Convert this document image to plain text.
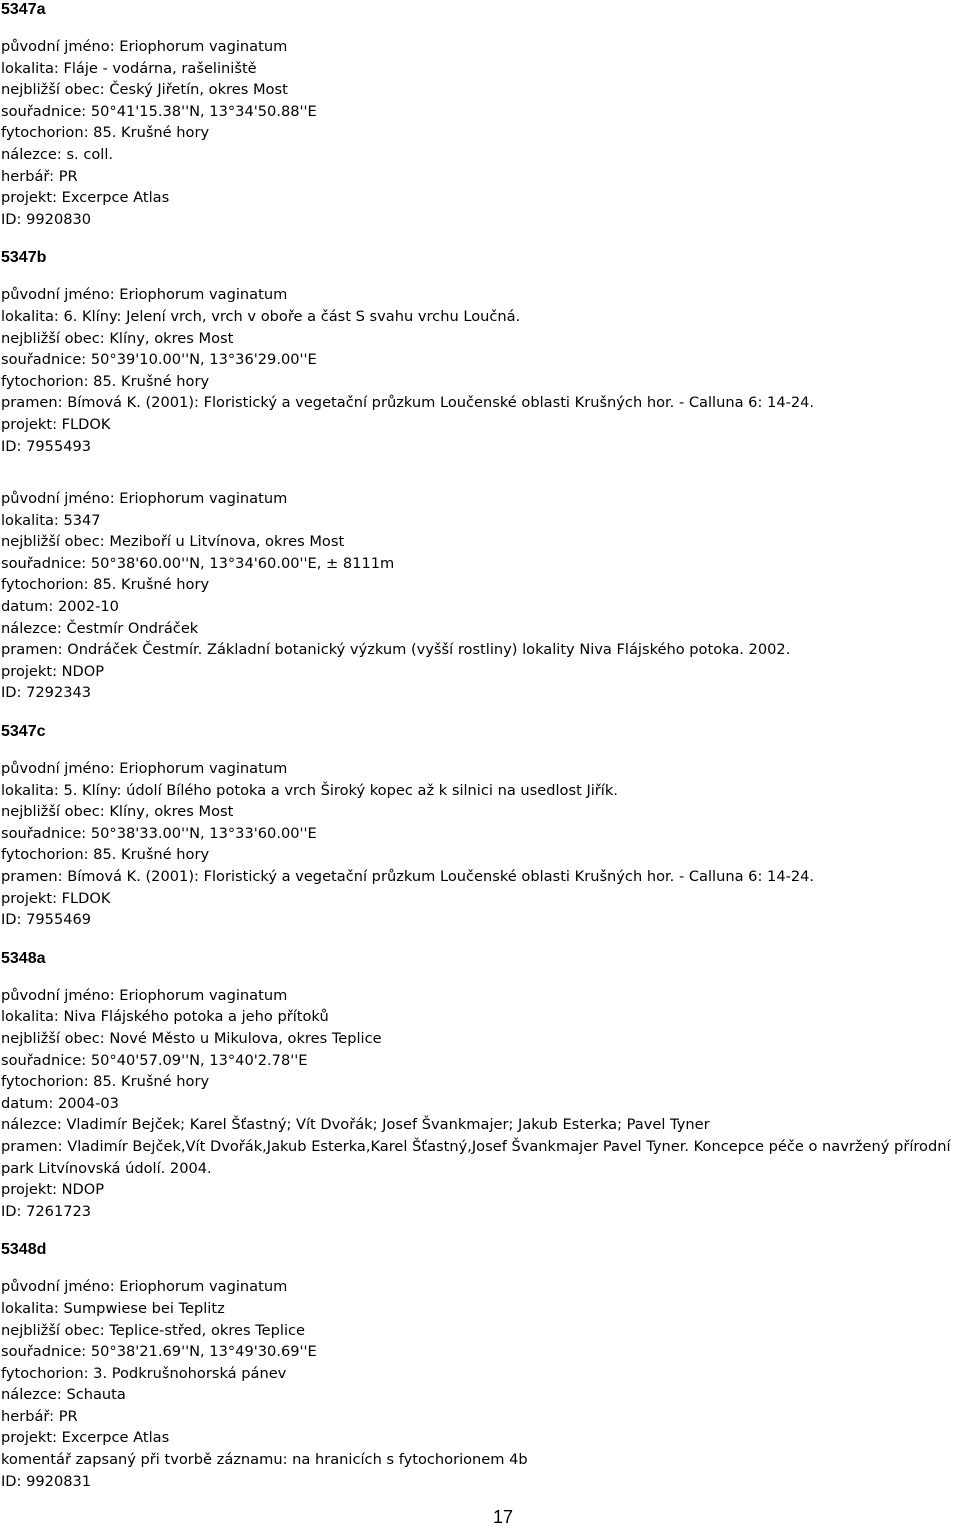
5347a
původní jméno: Eriophorum vaginatum
lokalita: Fláje - vodárna, rašeliniště
nejbližší obec: Český Jiřetín, okres Most
souřadnice: 50°41'15.38''N, 13°34'50.88''E
fytochorion: 85. Krušné hory
nálezce: s. coll.
herbář: PR
projekt: Excerpce Atlas
ID: 9920830
5347b
původní jméno: Eriophorum vaginatum
lokalita: 6. Klíny: Jelení vrch, vrch v oboře a část S svahu vrchu Loučná.
nejbližší obec: Klíny, okres Most
souřadnice: 50°39'10.00''N, 13°36'29.00''E
fytochorion: 85. Krušné hory
pramen: Bímová K. (2001): Floristický a vegetační průzkum Loučenské oblasti Krušných hor. - Calluna 6: 14-24.
projekt: FLDOK
ID: 7955493
původní jméno: Eriophorum vaginatum
lokalita: 5347
nejbližší obec: Meziboří u Litvínova, okres Most
souřadnice: 50°38'60.00''N, 13°34'60.00''E, ± 8111m
fytochorion: 85. Krušné hory
datum: 2002-10
nálezce: Čestmír Ondráček
pramen: Ondráček Čestmír. Základní botanický výzkum (vyšší rostliny) lokality Niva Flájského potoka. 2002.
projekt: NDOP
ID: 7292343
5347c
původní jméno: Eriophorum vaginatum
lokalita: 5. Klíny: údolí Bílého potoka a vrch Široký kopec až k silnici na usedlost Jiřík.
nejbližší obec: Klíny, okres Most
souřadnice: 50°38'33.00''N, 13°33'60.00''E
fytochorion: 85. Krušné hory
pramen: Bímová K. (2001): Floristický a vegetační průzkum Loučenské oblasti Krušných hor. - Calluna 6: 14-24.
projekt: FLDOK
ID: 7955469
5348a
původní jméno: Eriophorum vaginatum
lokalita: Niva Flájského potoka a jeho přítoků
nejbližší obec: Nové Město u Mikulova, okres Teplice
souřadnice: 50°40'57.09''N, 13°40'2.78''E
fytochorion: 85. Krušné hory
datum: 2004-03
nálezce: Vladimír Bejček; Karel Šťastný; Vít Dvořák; Josef Švankmajer; Jakub Esterka; Pavel Tyner
pramen: Vladimír Bejček,Vít Dvořák,Jakub Esterka,Karel Šťastný,Josef Švankmajer Pavel Tyner. Koncepce péče o navržený přírodní park Litvínovská údolí. 2004.
projekt: NDOP
ID: 7261723
5348d
původní jméno: Eriophorum vaginatum
lokalita: Sumpwiese bei Teplitz
nejbližší obec: Teplice-střed, okres Teplice
souřadnice: 50°38'21.69''N, 13°49'30.69''E
fytochorion: 3. Podkrušnohorská pánev
nálezce: Schauta
herbář: PR
projekt: Excerpce Atlas
komentář zapsaný při tvorbě záznamu: na hranicích s fytochorionem 4b
ID: 9920831
17
